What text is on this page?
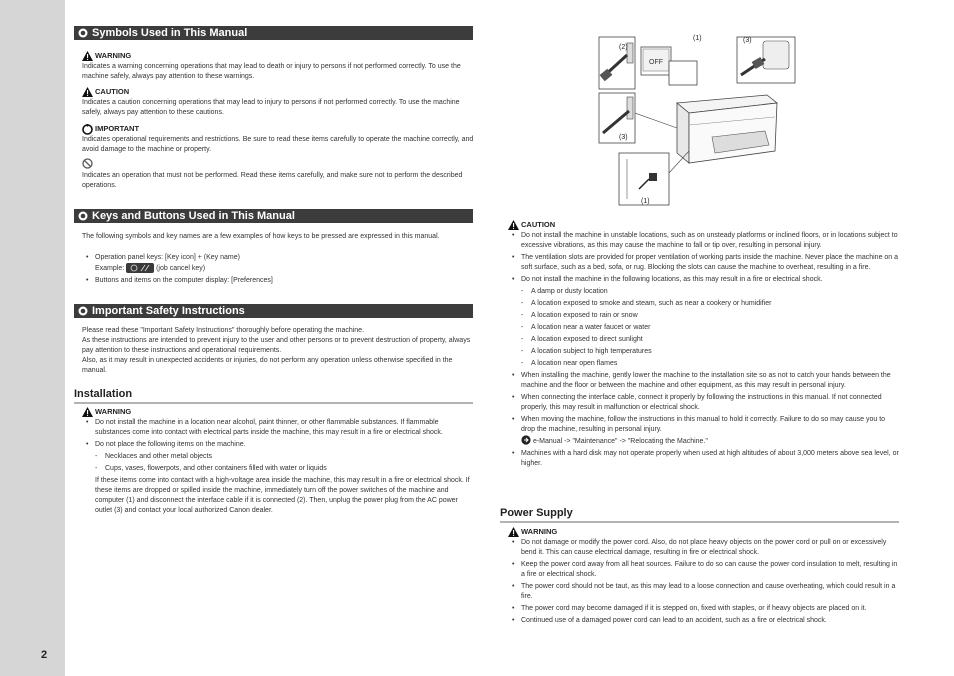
2
Symbols Used in This Manual
WARNING
Indicates a warning concerning operations that may lead to death or injury to persons if not performed correctly. To use the machine safely, always pay attention to these warnings.
CAUTION
Indicates a caution concerning operations that may lead to injury to persons if not performed correctly. To use the machine safely, always pay attention to these cautions.
IMPORTANT
Indicates operational requirements and restrictions. Be sure to read these items carefully to operate the machine correctly, and avoid damage to the machine or property.
Indicates an operation that must not be performed. Read these items carefully, and make sure not to perform the described operations.
Keys and Buttons Used in This Manual
The following symbols and key names are a few examples of how keys to be pressed are expressed in this manual.
• Operation panel keys: [Key icon] + (Key name)
Example:	(job cancel key)
• Buttons and items on the computer display: [Preferences]
Important Safety Instructions
Please read these "Important Safety Instructions" thoroughly before operating the machine.
As these instructions are intended to prevent injury to the user and other persons or to prevent destruction of property, always pay attention to these instructions and operational requirements.
Also, as it may result in unexpected accidents or injuries, do not perform any operation unless otherwise specified in the manual.
Installation
WARNING
• Do not install the machine in a location near alcohol, paint thinner, or other flammable substances. If flammable substances come into contact with electrical parts inside the machine, this may result in a fire or electrical shock.
• Do not place the following items on the machine.
- Necklaces and other metal objects
- Cups, vases, flowerpots, and other containers filled with water or liquids
If these items come into contact with a high-voltage area inside the machine, this may result in a fire or electrical shock. If these items are dropped or spilled inside the machine, immediately turn off the power switches of the machine and computer (1) and disconnect the interface cable if it is connected (2). Then, unplug the power plug from the AC power outlet (3) and contact your local authorized Canon dealer.
(2)
OFF
(1)	(3)
(3)
(1)
CAUTION
• Do not install the machine in unstable locations, such as on unsteady platforms or inclined floors, or in locations subject to excessive vibrations, as this may cause the machine to fall or tip over, resulting in personal injury.
• The ventilation slots are provided for proper ventilation of working parts inside the machine. Never place the machine on a soft surface, such as a bed, sofa, or rug. Blocking the slots can cause the machine to overheat, resulting in a fire.
• Do not install the machine in the following locations, as this may result in a fire or electrical shock.
- A damp or dusty location
- A location exposed to smoke and steam, such as near a cookery or humidifier
- A location exposed to rain or snow
- A location near a water faucet or water
- A location exposed to direct sunlight
- A location subject to high temperatures
- A location near open flames
• When installing the machine, gently lower the machine to the installation site so as not to catch your hands between the machine and the floor or between the machine and other equipment, as this may result in personal injury.
• When connecting the interface cable, connect it properly by following the instructions in this manual. If not connected properly, this may result in malfunction or electrical shock.
• When moving the machine, follow the instructions in this manual to hold it correctly. Failure to do so may cause you to drop the machine, resulting in personal injury.
e-Manual -> "Maintenance" -> "Relocating the Machine."
• Machines with a hard disk may not operate properly when used at high altitudes of about 3,000 meters above sea level, or higher.
Power Supply
WARNING
• Do not damage or modify the power cord. Also, do not place heavy objects on the power cord or pull on or excessively bend it. This can cause electrical damage, resulting in fire or electrical shock.
• Keep the power cord away from all heat sources. Failure to do so can cause the power cord insulation to melt, resulting in a fire or electrical shock.
• The power cord should not be taut, as this may lead to a loose connection and cause overheating, which could result in a fire.
• The power cord may become damaged if it is stepped on, fixed with staples, or if heavy objects are placed on it.
• Continued use of a damaged power cord can lead to an accident, such as a fire or electrical shock.
